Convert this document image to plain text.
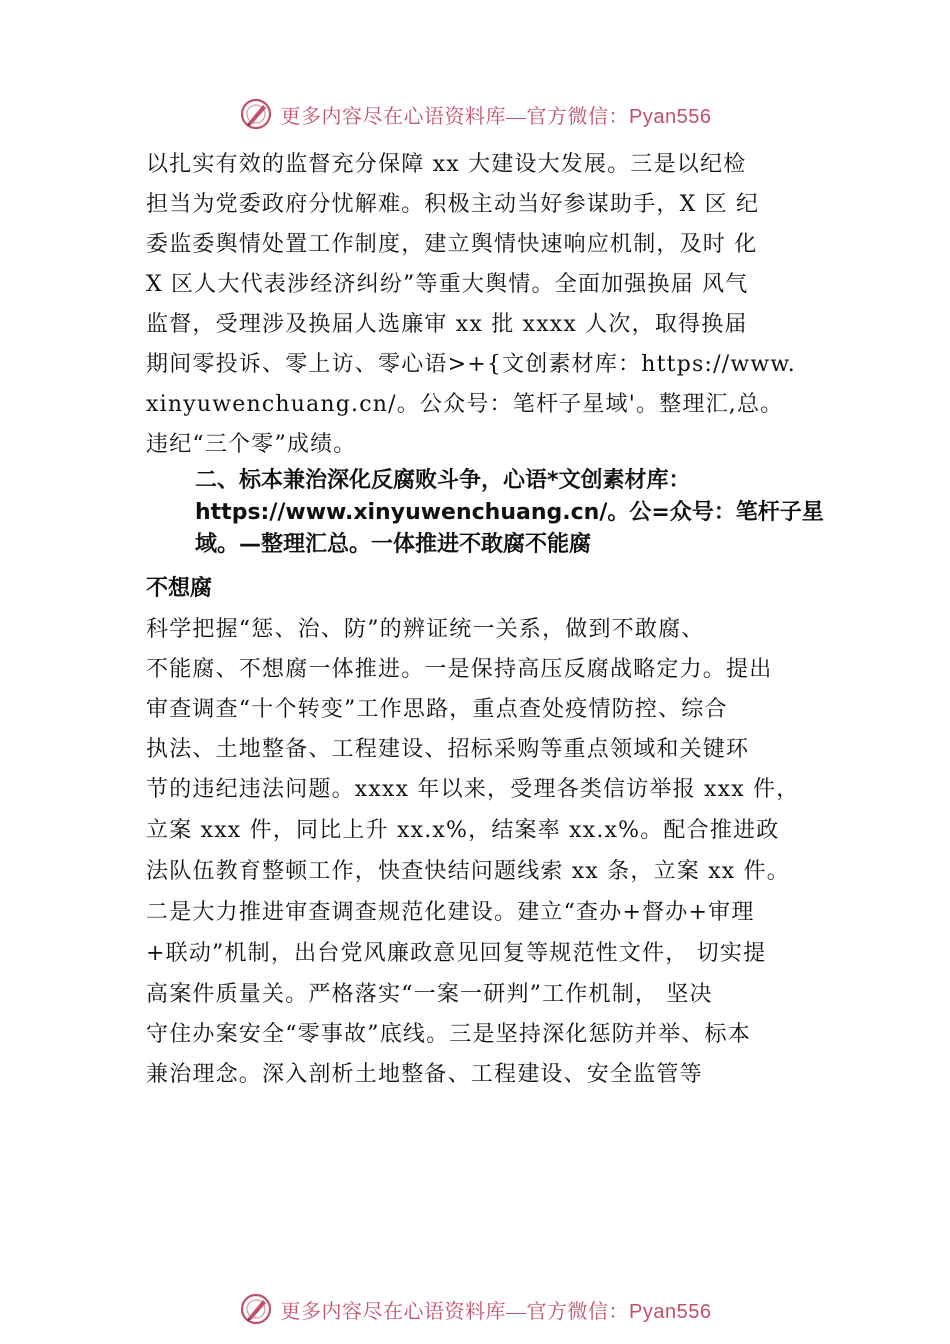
更多内容尽在心语资料库—官方微信：Pyan556
以扎实有效的监督充分保障 xx 大建设大发展。三是以纪检
担当为党委政府分忧解难。积极主动当好参谋助手，X 区 纪
委监委舆情处置工作制度，建立舆情快速响应机制，及时 化
X 区人大代表涉经济纠纷”等重大舆情。全面加强换届 风气
监督，受理涉及换届人选廉审 xx 批 xxxx 人次，取得换届
期间零投诉、零上访、零心语>+{文创素材库：https://www.
xinyuwenchuang.cn/。公众号：笔杆子星域'。整理汇,总。
违纪“三个零”成绩。
二、标本兼治深化反腐败斗争，心语*文创素材库：
https://www.xinyuwenchuang.cn/。公=众号：笔杆子星
域。—整理汇总。一体推进不敢腐不能腐
不想腐
科学把握“惩、治、防”的辨证统一关系，做到不敢腐、
不能腐、不想腐一体推进。一是保持高压反腐战略定力。提出
审查调查“十个转变”工作思路，重点查处疫情防控、综合
执法、土地整备、工程建设、招标采购等重点领域和关键环
节的违纪违法问题。xxxx 年以来，受理各类信访举报 xxx 件，
立案 xxx 件，同比上升 xx.x%，结案率 xx.x%。配合推进政
法队伍教育整顿工作，快查快结问题线索 xx 条，立案 xx 件。
二是大力推进审查调查规范化建设。建立“查办+督办+审理
+联动”机制，出台党风廉政意见回复等规范性文件， 切实提
高案件质量关。严格落实“一案一研判”工作机制， 坚决
守住办案安全“零事故”底线。三是坚持深化惩防并举、标本
兼治理念。深入剖析土地整备、工程建设、安全监管等
更多内容尽在心语资料库—官方微信：Pyan556
